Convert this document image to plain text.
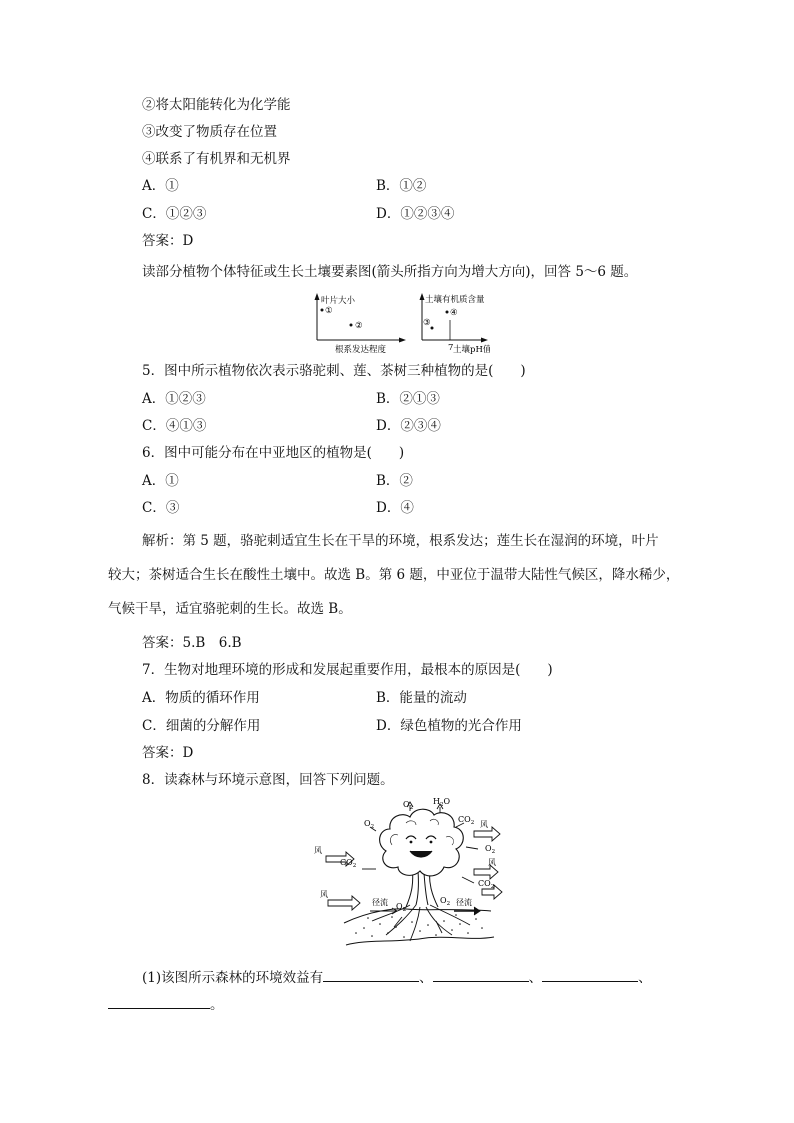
②将太阳能转化为化学能
③改变了物质存在位置
④联系了有机界和无机界
A．①	B．①②
C．①②③	D．①②③④
答案：D
读部分植物个体特征或生长土壤要素图(箭头所指方向为增大方向)，回答 5～6 题。
叶片大小
①
②
根系发达程度
土壤有机质含量
④
③
7 土壤pH值
5．图中所示植物依次表示骆驼刺、莲、茶树三种植物的是(　　)
A．①②③	B．②①③
C．④①③	D．②③④
6．图中可能分布在中亚地区的植物是(　　)
A．①	B．②
C．③	D．④
解析：第 5 题，骆驼刺适宜生长在干旱的环境，根系发达；莲生长在湿润的环境，叶片
较大；茶树适合生长在酸性土壤中。故选 B。第 6 题，中亚位于温带大陆性气候区，降水稀少，
气候干旱，适宜骆驼刺的生长。故选 B。
答案：5.B　6.B
7．生物对地理环境的形成和发展起重要作用，最根本的原因是(　　)
A．物质的循环作用	B．能量的流动
C．细菌的分解作用	D．绿色植物的光合作用
答案：D
8．读森林与环境示意图，回答下列问题。
$O_2$
$H_2O$
$O_2$
$CO_2$ 风
$O_2$
风
$CO_2$	风
$CO_2$
风
径流 $O_2$
$O_2$ 径流
(1)该图所示森林的环境效益有	、	、	、
。
